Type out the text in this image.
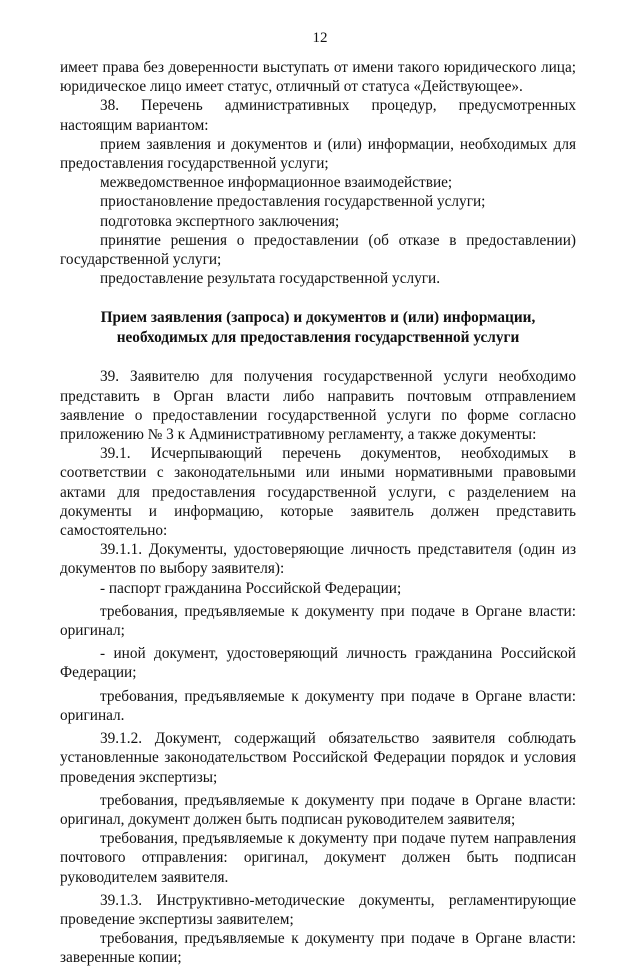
12

имеет права без доверенности выступать от имени такого юридического лица; юридическое лицо имеет статус, отличный от статуса «Действующее».

38. Перечень административных процедур, предусмотренных настоящим вариантом:

прием заявления и документов и (или) информации, необходимых для предоставления государственной услуги;

межведомственное информационное взаимодействие;

приостановление предоставления государственной услуги;

подготовка экспертного заключения;

принятие решения о предоставлении (об отказе в предоставлении) государственной услуги;

предоставление результата государственной услуги.

Прием заявления (запроса) и документов и (или) информации,
необходимых для предоставления государственной услуги

39. Заявителю для получения государственной услуги необходимо представить в Орган власти либо направить почтовым отправлением заявление о предоставлении государственной услуги по форме согласно приложению № 3 к Административному регламенту, а также документы:

39.1. Исчерпывающий перечень документов, необходимых в соответствии с законодательными или иными нормативными правовыми актами для предоставления государственной услуги, с разделением на документы и информацию, которые заявитель должен представить самостоятельно:

39.1.1. Документы, удостоверяющие личность представителя (один из документов по выбору заявителя):

- паспорт гражданина Российской Федерации;

требования, предъявляемые к документу при подаче в Органе власти: оригинал;

- иной документ, удостоверяющий личность гражданина Российской Федерации;

требования, предъявляемые к документу при подаче в Органе власти: оригинал.

39.1.2. Документ, содержащий обязательство заявителя соблюдать установленные законодательством Российской Федерации порядок и условия проведения экспертизы;

требования, предъявляемые к документу при подаче в Органе власти: оригинал, документ должен быть подписан руководителем заявителя;

требования, предъявляемые к документу при подаче путем направления почтового отправления: оригинал, документ должен быть подписан руководителем заявителя.

39.1.3. Инструктивно-методические документы, регламентирующие проведение экспертизы заявителем;

требования, предъявляемые к документу при подаче в Органе власти: заверенные копии;
